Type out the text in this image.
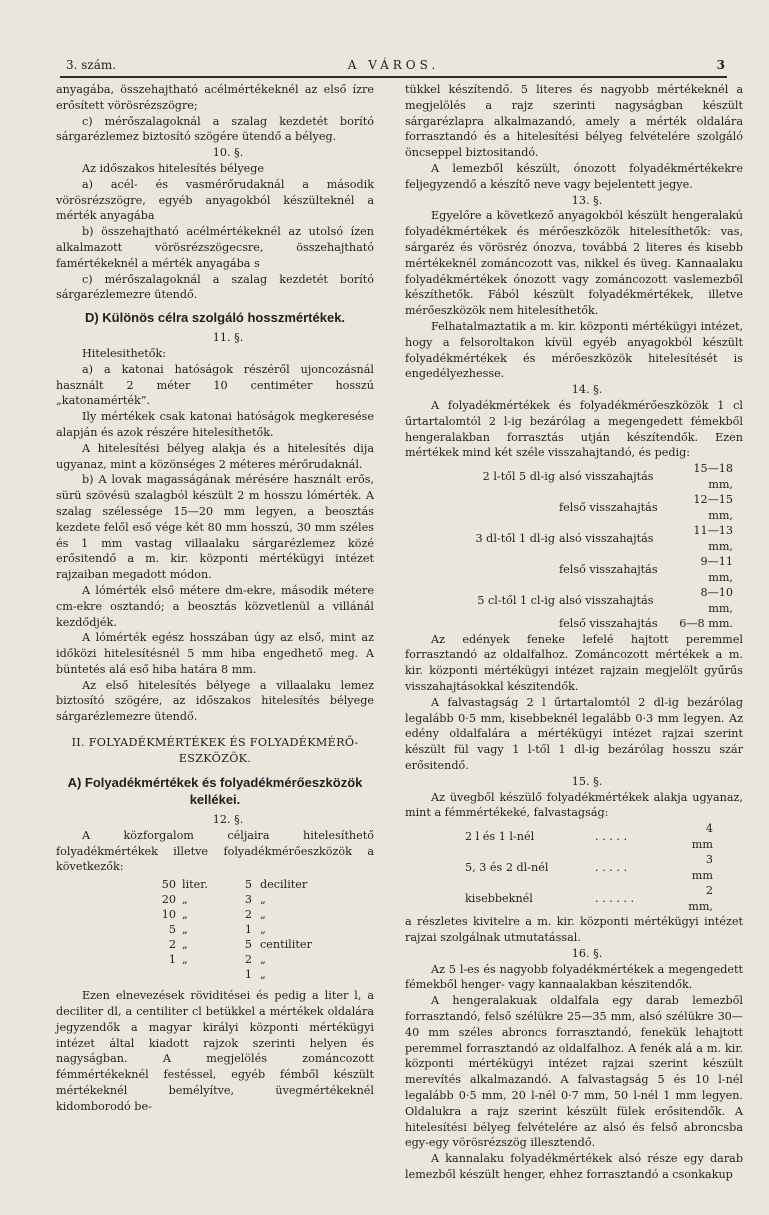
3. szám.	A VÁROS.	3

anyagába, összehajtható acélmértékeknél az első ízre erősített vörösrézszögre;

c) mérőszalagoknál a szalag kezdetét borító sárgarézlemez biztosító szögére ütendő a bélyeg.

10. §.

Az időszakos hitelesítés bélyege

a) acél- és vasmérőrudaknál a második vörösrézszögre, egyéb anyagokból készülteknél a mérték anyagába

b) összehajtható acélmértékeknél az utolsó ízen alkalmazott vörösrézszögecsre, összehajtható famértékeknél a mérték anyagába s

c) mérőszalagoknál a szalag kezdetét borító sárgarézlemezre ütendő.

D) Különös célra szolgáló hosszmértékek.

11. §.

Hitelesithetők:

a) a katonai hatóságok részéről ujoncozásnál használt 2 méter 10 centiméter hosszú „katonamérték”.

Ily mértékek csak katonai hatóságok megkeresése alapján és azok részére hitelesíthetők.

A hitelesítési bélyeg alakja és a hitelesítés dija ugyanaz, mint a közönséges 2 méteres mérőrudaknál.

b) A lovak magasságának mérésére használt erős, sürü szövésü szalagból készült 2 m hosszu lómérték. A szalag szélessége 15—20 mm legyen, a beosztás kezdete felől eső vége két 80 mm hosszú, 30 mm széles és 1 mm vastag villaalaku sárgarézlemez közé erősitendő a m. kir. központi mértékügyi intézet rajzaiban megadott módon.

A lómérték első métere dm-ekre, második métere cm-ekre osztandó; a beosztás közvetlenül a villánál kezdődjék.

A lómérték egész hosszában úgy az első, mint az időközi hitelesítésnél 5 mm hiba engedhető meg. A büntetés alá eső hiba határa 8 mm.

Az első hitelesítés bélyege a villaalaku lemez biztosító szögére, az időszakos hitelesítés bélyege sárgarézlemezre ütendő.

II. FOLYADÉKMÉRTÉKEK ÉS FOLYADÉKMÉRŐ-ESZKÖZÖK.
A) Folyadékmértékek és folyadékmérőeszközök kellékei.

12. §.

A közforgalom céljaira hitelesíthető folyadékmértékek illetve folyadékmérőeszközök a következők:

50	liter.	5	deciliter
20	„	3	„
10	„	2	„
5	„	1	„
2	„	5	centiliter
1	„	2	„
		1	„

Ezen elnevezések röviditései és pedig a liter l, a deciliter dl, a centiliter cl betükkel a mértékek oldalára jegyzendők a magyar királyi központi mértékügyi intézet által kiadott rajzok szerinti helyen és nagyságban. A megjelölés zománcozott fémmértékeknél festéssel, egyéb fémből készült mértékeknél bemélyítve, üvegmértékeknél kidomborodó be-

tükkel készítendő. 5 literes és nagyobb mértékeknél a megjelölés a rajz szerinti nagyságban készült sárgarézlapra alkalmazandó, amely a mérték oldalára forrasztandó és a hitelesítési bélyeg felvételére szolgáló öncseppel biztositandó.

A lemezből készült, ónozott folyadékmértékekre feljegyzendő a készítő neve vagy bejelentett jegye.

13. §.

Egyelőre a következő anyagokból készült hengeralakú folyadékmértékek és mérőeszközök hitelesíthetők: vas, sárgaréz és vörösréz ónozva, továbbá 2 literes és kisebb mértékeknél zománcozott vas, nikkel és üveg. Kannaalaku folyadékmértékek ónozott vagy zománcozott vaslemezből készíthetők. Fából készült folyadékmértékek, illetve mérőeszközök nem hitelesíthetők.

Felhatalmaztatik a m. kir. központi mértékügyi intézet, hogy a felsoroltakon kívül egyéb anyagokból készült folyadékmértékek és mérőeszközök hitelesítését is engedélyezhesse.

14. §.

A folyadékmértékek és folyadékmérőeszközök 1 cl űrtartalomtól 2 l-ig bezárólag a megengedett fémekből hengeralakban forrasztás utján készítendők. Ezen mértékek mind két széle visszahajtandó, és pedig:

2 l-től 5 dl-ig	alsó visszahajtás	15—18 mm,
	felső visszahajtás	12—15 mm,
3 dl-től 1 dl-ig	alsó visszahajtás	11—13 mm,
	felső visszahajtás	9—11 mm,
5 cl-től 1 cl-ig	alsó visszahajtás	8—10 mm,
	felső visszahajtás	6—8 mm.

Az edények feneke lefelé hajtott peremmel forrasztandó az oldalfalhoz. Zománcozott mértékek a m. kir. központi mértékügyi intézet rajzain megjelölt gyűrűs visszahajtásokkal készitendők.

A falvastagság 2 l űrtartalomtól 2 dl-ig bezárólag legalább 0·5 mm, kisebbeknél legalább 0·3 mm legyen. Az edény oldalfalára a mértékügyi intézet rajzai szerint készült fül vagy 1 l-től 1 dl-ig bezárólag hosszu szár erősitendő.

15. §.

Az üvegből készülő folyadékmértékek alakja ugyanaz, mint a fémmértékeké, falvastagság:

2 l és 1 l-nél	. . . . .	4 mm
5, 3 és 2 dl-nél	. . . . .	3 mm
kisebbeknél	. . . . . .	2 mm,

a részletes kivitelre a m. kir. központi mértékügyi intézet rajzai szolgálnak utmutatással.

16. §.

Az 5 l-es és nagyobb folyadékmértékek a megengedett fémekből henger- vagy kannaalakban készitendők.

A hengeralakuak oldalfala egy darab lemezből forrasztandó, felső szélükre 25—35 mm, alsó szélükre 30—40 mm széles abroncs forrasztandó, fenekük lehajtott peremmel forrasztandó az oldalfalhoz. A fenék alá a m. kir. központi mértékügyi intézet rajzai szerint készült merevítés alkalmazandó. A falvastagság 5 és 10 l-nél legalább 0·5 mm, 20 l-nél 0·7 mm, 50 l-nél 1 mm legyen. Oldalukra a rajz szerint készült fülek erősitendők. A hitelesítési bélyeg felvételére az alsó és felső abroncsba egy-egy vörösrézszög illesztendő.

A kannalaku folyadékmértékek alsó része egy darab lemezből készült henger, ehhez forrasztandó a csonkakup
